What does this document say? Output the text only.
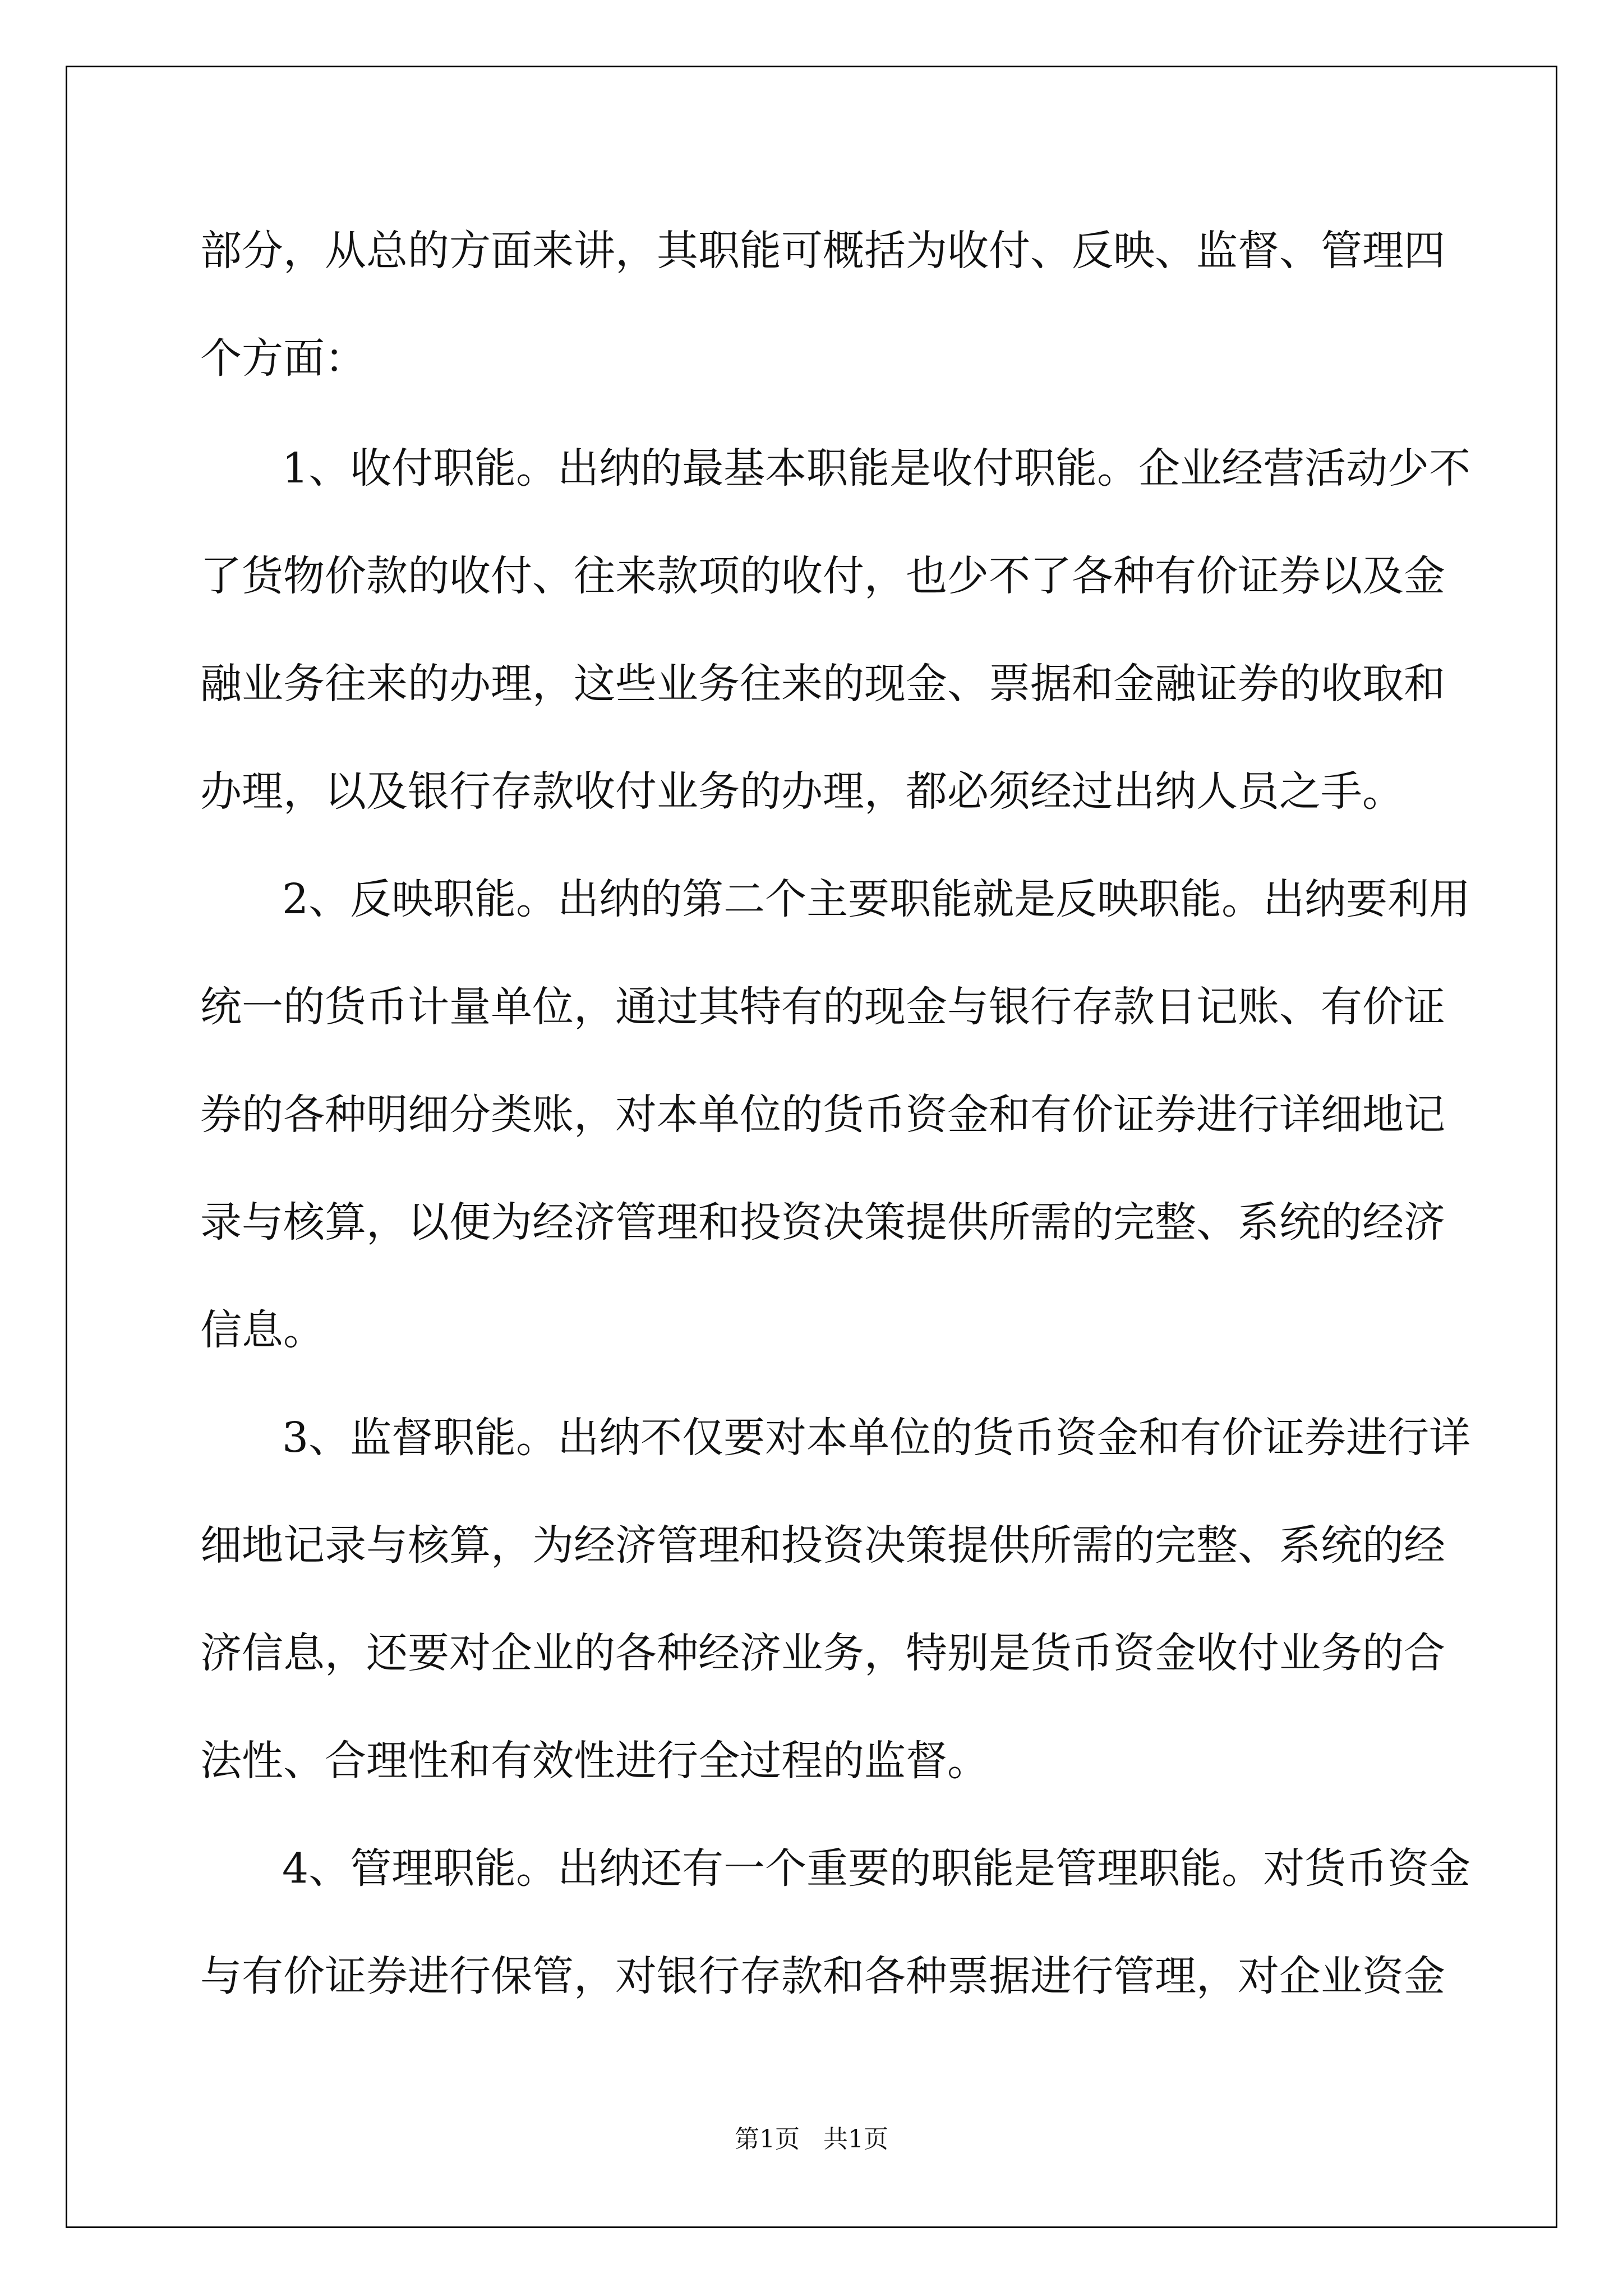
部分，从总的方面来讲，其职能可概括为收付、反映、监督、管理四

个方面：

1、收付职能。出纳的最基本职能是收付职能。企业经营活动少不

了货物价款的收付、往来款项的收付，也少不了各种有价证券以及金

融业务往来的办理，这些业务往来的现金、票据和金融证券的收取和

办理，以及银行存款收付业务的办理，都必须经过出纳人员之手。

2、反映职能。出纳的第二个主要职能就是反映职能。出纳要利用

统一的货币计量单位，通过其特有的现金与银行存款日记账、有价证

券的各种明细分类账，对本单位的货币资金和有价证券进行详细地记

录与核算，以便为经济管理和投资决策提供所需的完整、系统的经济

信息。

3、监督职能。出纳不仅要对本单位的货币资金和有价证券进行详

细地记录与核算，为经济管理和投资决策提供所需的完整、系统的经

济信息，还要对企业的各种经济业务，特别是货币资金收付业务的合

法性、合理性和有效性进行全过程的监督。

4、管理职能。出纳还有一个重要的职能是管理职能。对货币资金

与有价证券进行保管，对银行存款和各种票据进行管理，对企业资金

第1页   共1页
